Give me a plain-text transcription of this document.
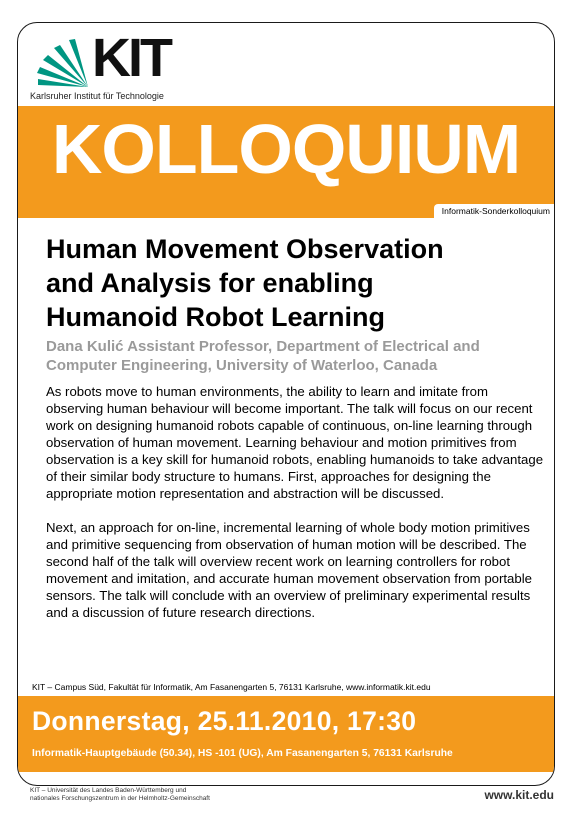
KIT
Karlsruher Institut für Technologie
KOLLOQUIUM
Informatik-Sonderkolloquium
Human Movement Observation
and Analysis for enabling
Humanoid Robot Learning
Dana Kulić Assistant Professor, Department of Electrical and
Computer Engineering, University of Waterloo, Canada

As robots move to human environments, the ability to learn and imitate from observing human behaviour will become important. The talk will focus on our recent work on designing humanoid robots capable of continuous, on-line learning through observation of human movement. Learning behaviour and motion primitives from observation is a key skill for humanoid robots, enabling humanoids to take advantage of their similar body structure to humans. First, approaches for designing the appropriate motion representation and abstraction will be discussed.

Next, an approach for on-line, incremental learning of whole body motion primitives and primitive sequencing from observation of human motion will be described. The second half of the talk will overview recent work on learning controllers for robot movement and imitation, and accurate human movement observation from portable sensors. The talk will conclude with an overview of preliminary experimental results and a discussion of future research directions.

KIT – Campus Süd, Fakultät für Informatik, Am Fasanengarten 5, 76131 Karlsruhe, www.informatik.kit.edu
Donnerstag, 25.11.2010, 17:30
Informatik-Hauptgebäude (50.34), HS -101 (UG), Am Fasanengarten 5, 76131 Karlsruhe
KIT – Universität des Landes Baden-Württemberg und
nationales Forschungszentrum in der Helmholtz-Gemeinschaft	www.kit.edu
